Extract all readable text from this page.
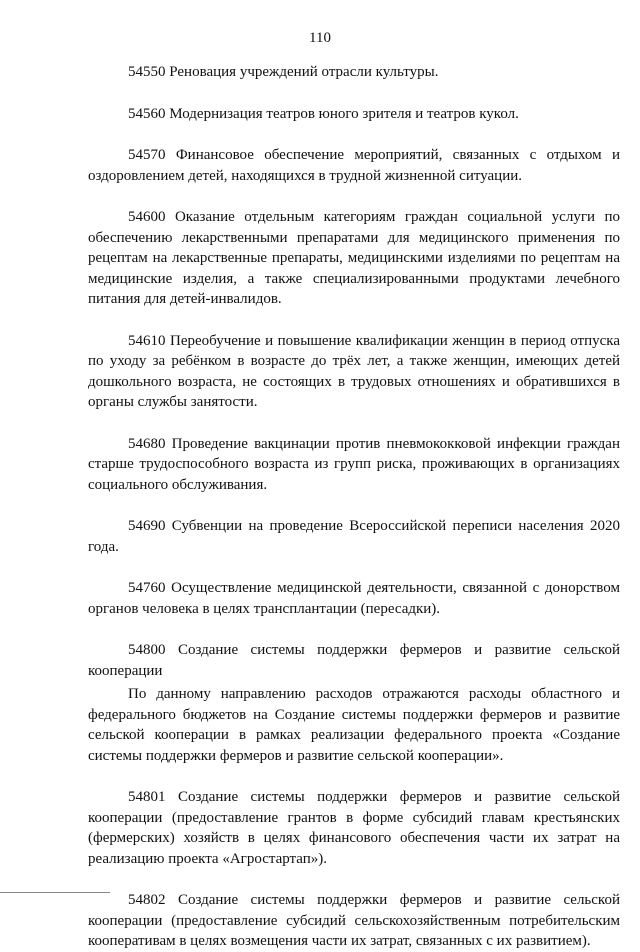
110

54550 Реновация учреждений отрасли культуры.

54560 Модернизация театров юного зрителя и театров кукол.

54570 Финансовое обеспечение мероприятий, связанных с отдыхом и оздоровлением детей, находящихся в трудной жизненной ситуации.

54600 Оказание отдельным категориям граждан социальной услуги по обеспечению лекарственными препаратами для медицинского применения по рецептам на лекарственные препараты, медицинскими изделиями по рецептам на медицинские изделия, а также специализированными продуктами лечебного питания для детей-инвалидов.

54610 Переобучение и повышение квалификации женщин в период отпуска по уходу за ребёнком в возрасте до трёх лет, а также женщин, имеющих детей дошкольного возраста, не состоящих в трудовых отношениях и обратившихся в органы службы занятости.

54680 Проведение вакцинации против пневмококковой инфекции граждан старше трудоспособного возраста из групп риска, проживающих в организациях социального обслуживания.

54690 Субвенции на проведение Всероссийской переписи населения 2020 года.

54760 Осуществление медицинской деятельности, связанной с донорством органов человека в целях трансплантации (пересадки).

54800 Создание системы поддержки фермеров и развитие сельской кооперации

По данному направлению расходов отражаются расходы областного и федерального бюджетов на Создание системы поддержки фермеров и развитие сельской кооперации в рамках реализации федерального проекта «Создание системы поддержки фермеров и развитие сельской кооперации».

54801 Создание системы поддержки фермеров и развитие сельской кооперации (предоставление грантов в форме субсидий главам крестьянских (фермерских) хозяйств в целях финансового обеспечения части их затрат на реализацию проекта «Агростартап»).

54802 Создание системы поддержки фермеров и развитие сельской кооперации (предоставление субсидий сельскохозяйственным потребительским кооперативам в целях возмещения части их затрат, связанных с их развитием).
